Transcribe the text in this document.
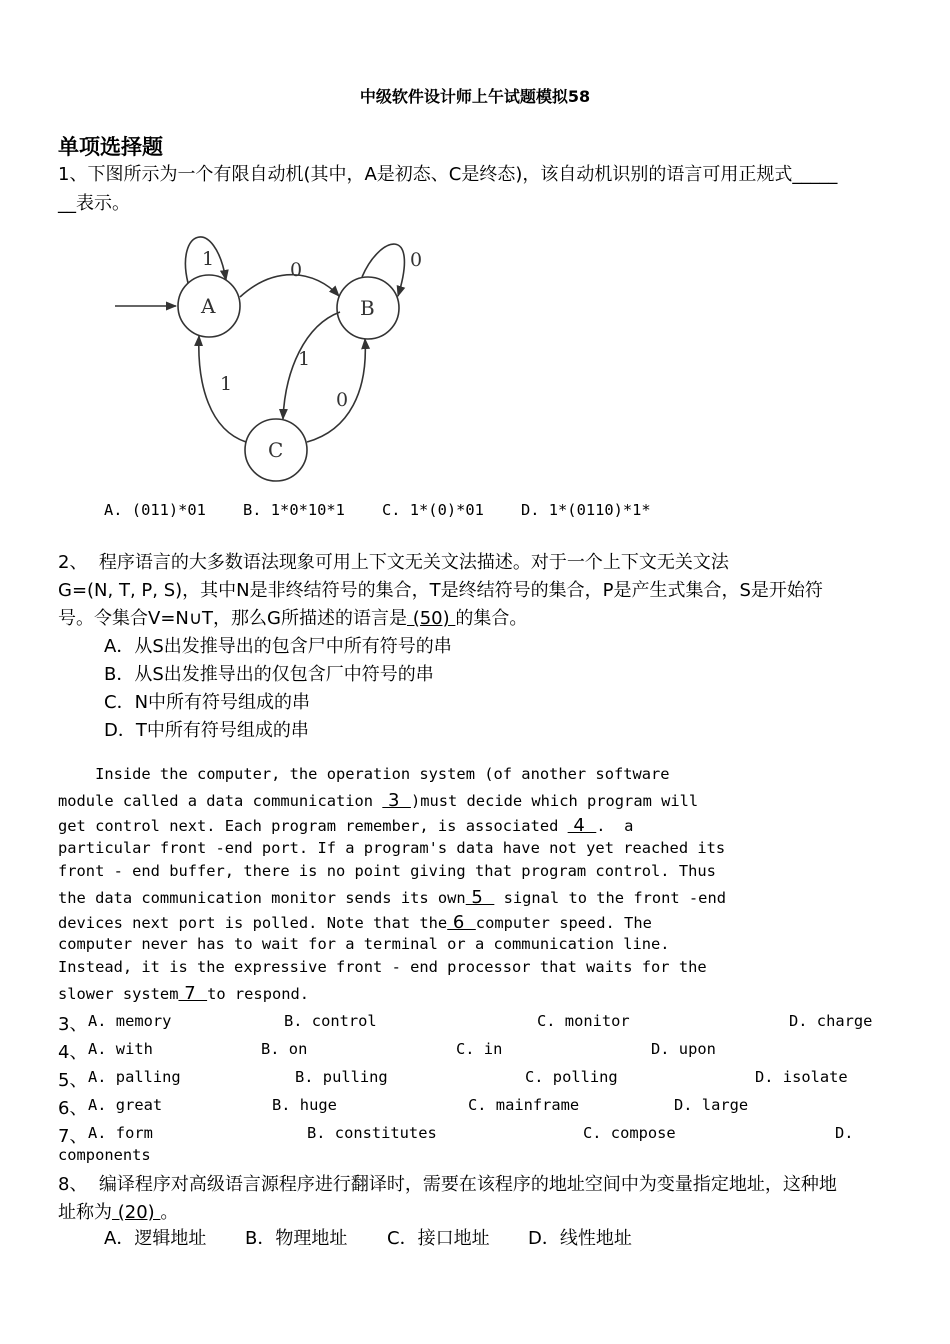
中级软件设计师上午试题模拟58
单项选择题
1、下图所示为一个有限自动机(其中，A是初态、C是终态)，该自动机识别的语言可用正规式_____
__表示。
A	B
C
1	0	0
1
1
0
A. (011)*01    B. 1*0*10*1    C. 1*(0)*01    D. 1*(0110)*1*
2、  程序语言的大多数语法现象可用上下文无关文法描述。对于一个上下文无关文法
G=(N, T, P, S)，其中N是非终结符号的集合，T是终结符号的集合，P是产生式集合，S是开始符
号。令集合V=N∪T，那么G所描述的语言是 (50) 的集合。
A．从S出发推导出的包含尸中所有符号的串
B．从S出发推导出的仅包含厂中符号的串
C．N中所有符号组成的串
D．T中所有符号组成的串
Inside the computer, the operation system (of another software
module called a data communication  3  )must decide which program will
get control next. Each program remember, is associated  4  .  a
particular front -end port. If a program's data have not yet reached its
front - end buffer, there is no point giving that program control. Thus
the data communication monitor sends its own 5   signal to the front -end
devices next port is polled. Note that the 6  computer speed. The
computer never has to wait for a terminal or a communication line.
Instead, it is the expressive front - end processor that waits for the
slower system 7  to respond.
3、 A. memory	B. control	C. monitor	D. charge
4、 A. with	B. on	C. in	D. upon
5、 A. palling	B. pulling	C. polling	D. isolate
6、 A. great	B. huge	C. mainframe	D. large
7、 A. form	B. constitutes	C. compose	D.
components
8、  编译程序对高级语言源程序进行翻译时，需要在该程序的地址空间中为变量指定地址，这种地
址称为 (20) 。
A．逻辑地址 B．物理地址 C．接口地址 D．线性地址
